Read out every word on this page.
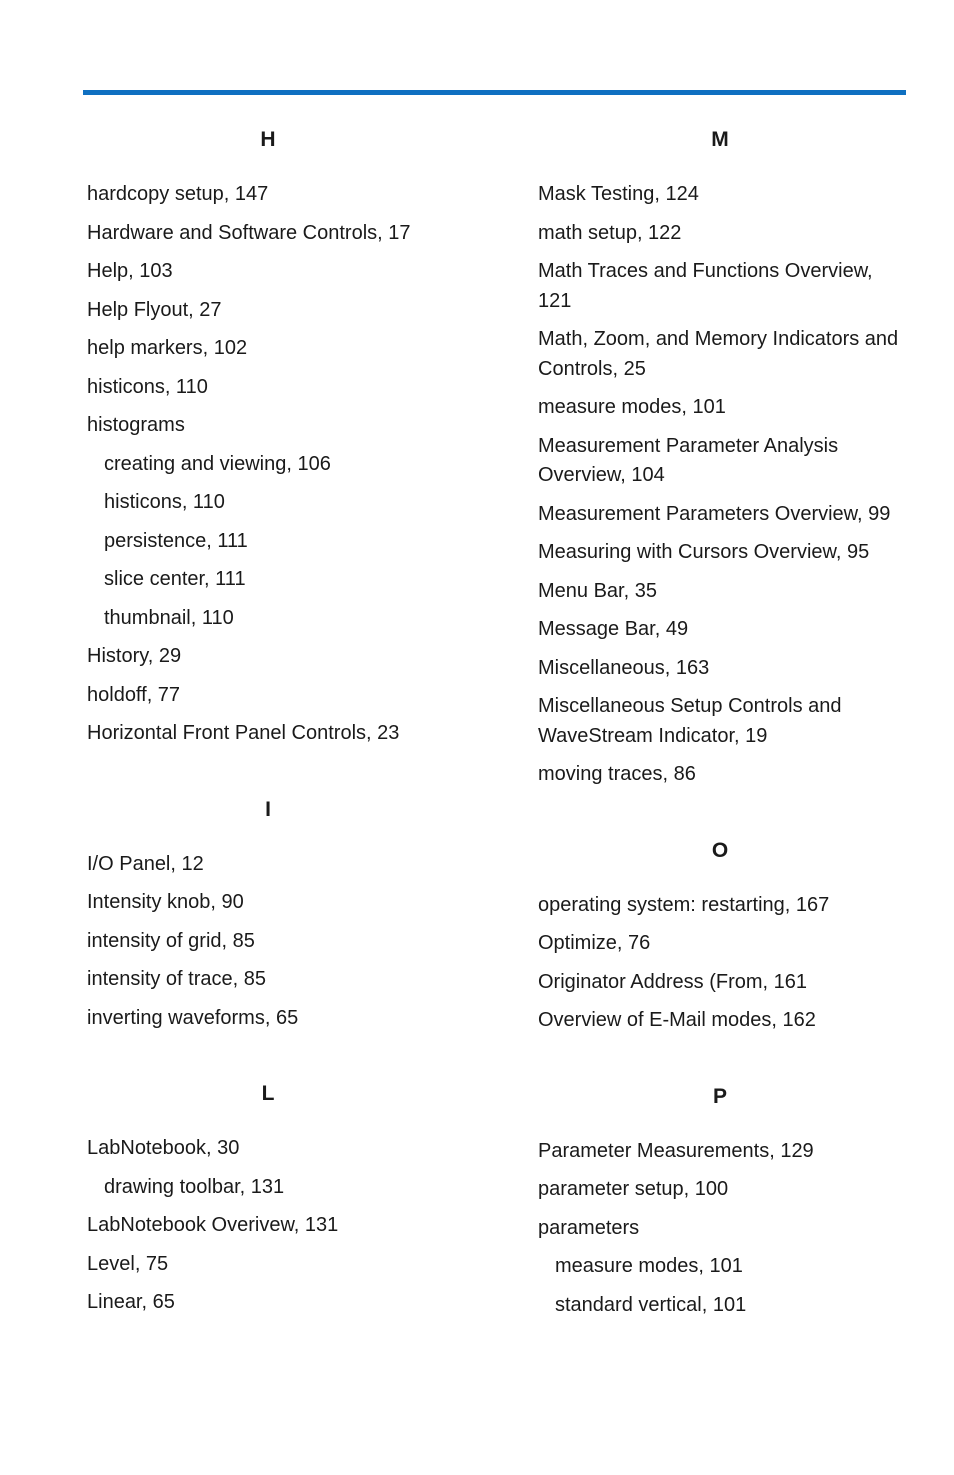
H
hardcopy setup, 147
Hardware and Software Controls, 17
Help, 103
Help Flyout, 27
help markers, 102
histicons, 110
histograms
creating and viewing, 106
histicons, 110
persistence, 111
slice center, 111
thumbnail, 110
History, 29
holdoff, 77
Horizontal Front Panel Controls, 23
I
I/O Panel, 12
Intensity knob, 90
intensity of grid, 85
intensity of trace, 85
inverting waveforms, 65
L
LabNotebook, 30
drawing toolbar, 131
LabNotebook Overivew, 131
Level, 75
Linear, 65
M
Mask Testing, 124
math setup, 122
Math Traces and Functions Overview, 121
Math, Zoom, and Memory Indicators and Controls, 25
measure modes, 101
Measurement Parameter Analysis Overview, 104
Measurement Parameters Overview, 99
Measuring with Cursors Overview, 95
Menu Bar, 35
Message Bar, 49
Miscellaneous, 163
Miscellaneous Setup Controls and WaveStream Indicator, 19
moving traces, 86
O
operating system: restarting, 167
Optimize, 76
Originator Address (From, 161
Overview of E-Mail modes, 162
P
Parameter Measurements, 129
parameter setup, 100
parameters
measure modes, 101
standard vertical, 101
